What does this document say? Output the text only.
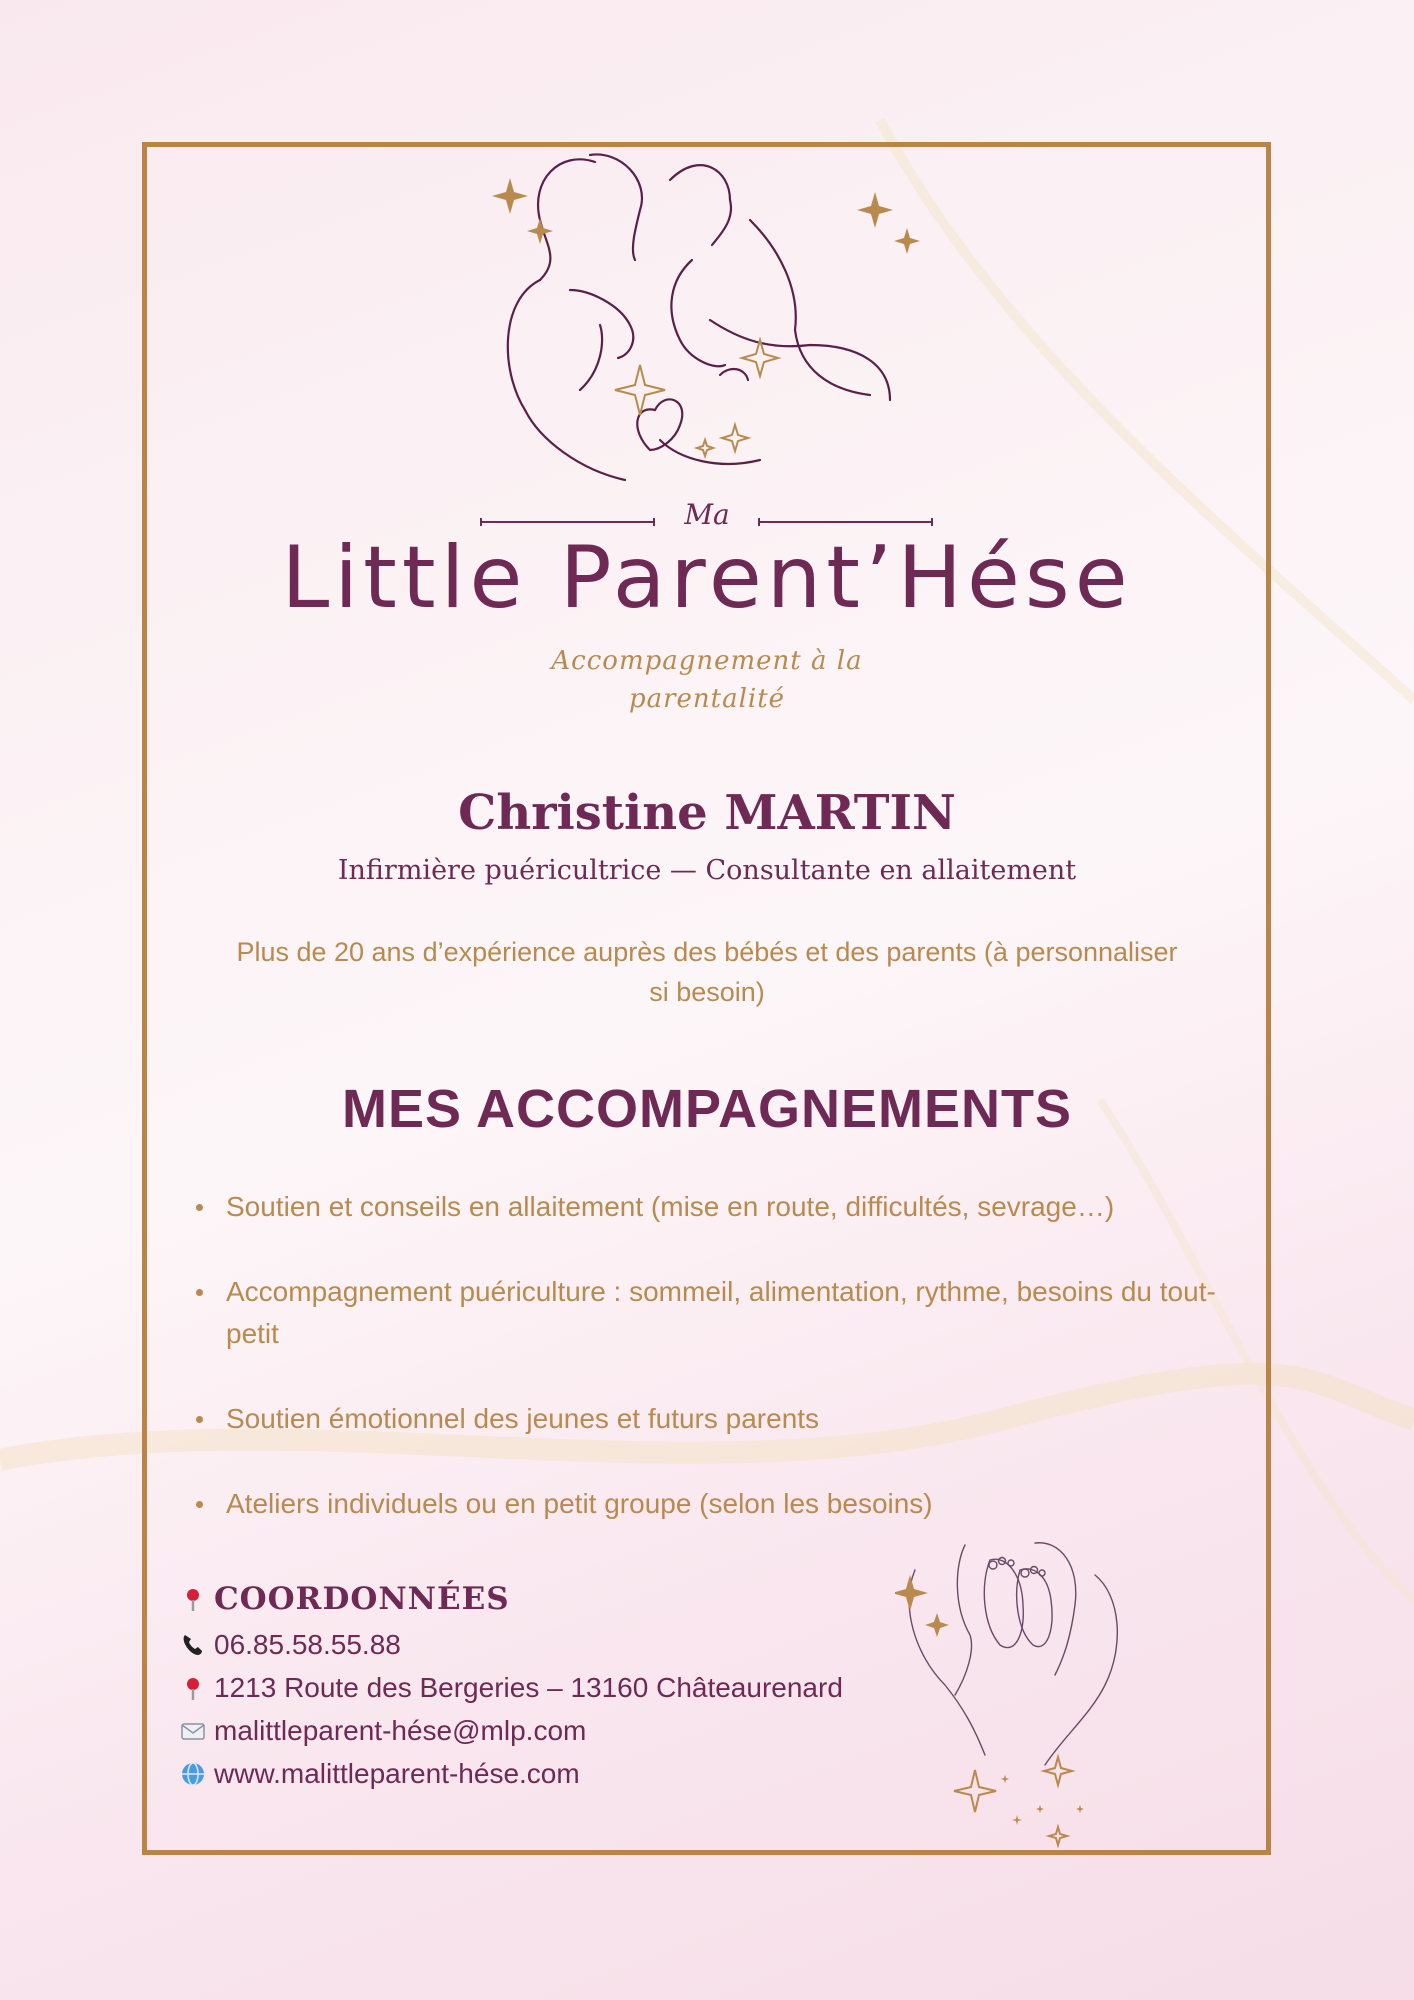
Ma
Little Parent’Hése
Accompagnement à la
parentalité
Christine MARTIN
Infirmière puéricultrice — Consultante en allaitement
Plus de 20 ans d’expérience auprès des bébés et des parents (à personnaliser si besoin)
MES ACCOMPAGNEMENTS
Soutien et conseils en allaitement (mise en route, difficultés, sevrage…)
Accompagnement puériculture : sommeil, alimentation, rythme, besoins du tout-petit
Soutien émotionnel des jeunes et futurs parents
Ateliers individuels ou en petit groupe (selon les besoins)
COORDONNÉES
06.85.58.55.88
1213 Route des Bergeries – 13160 Châteaurenard
malittleparent-hése@mlp.com
www.malittleparent-hése.com
